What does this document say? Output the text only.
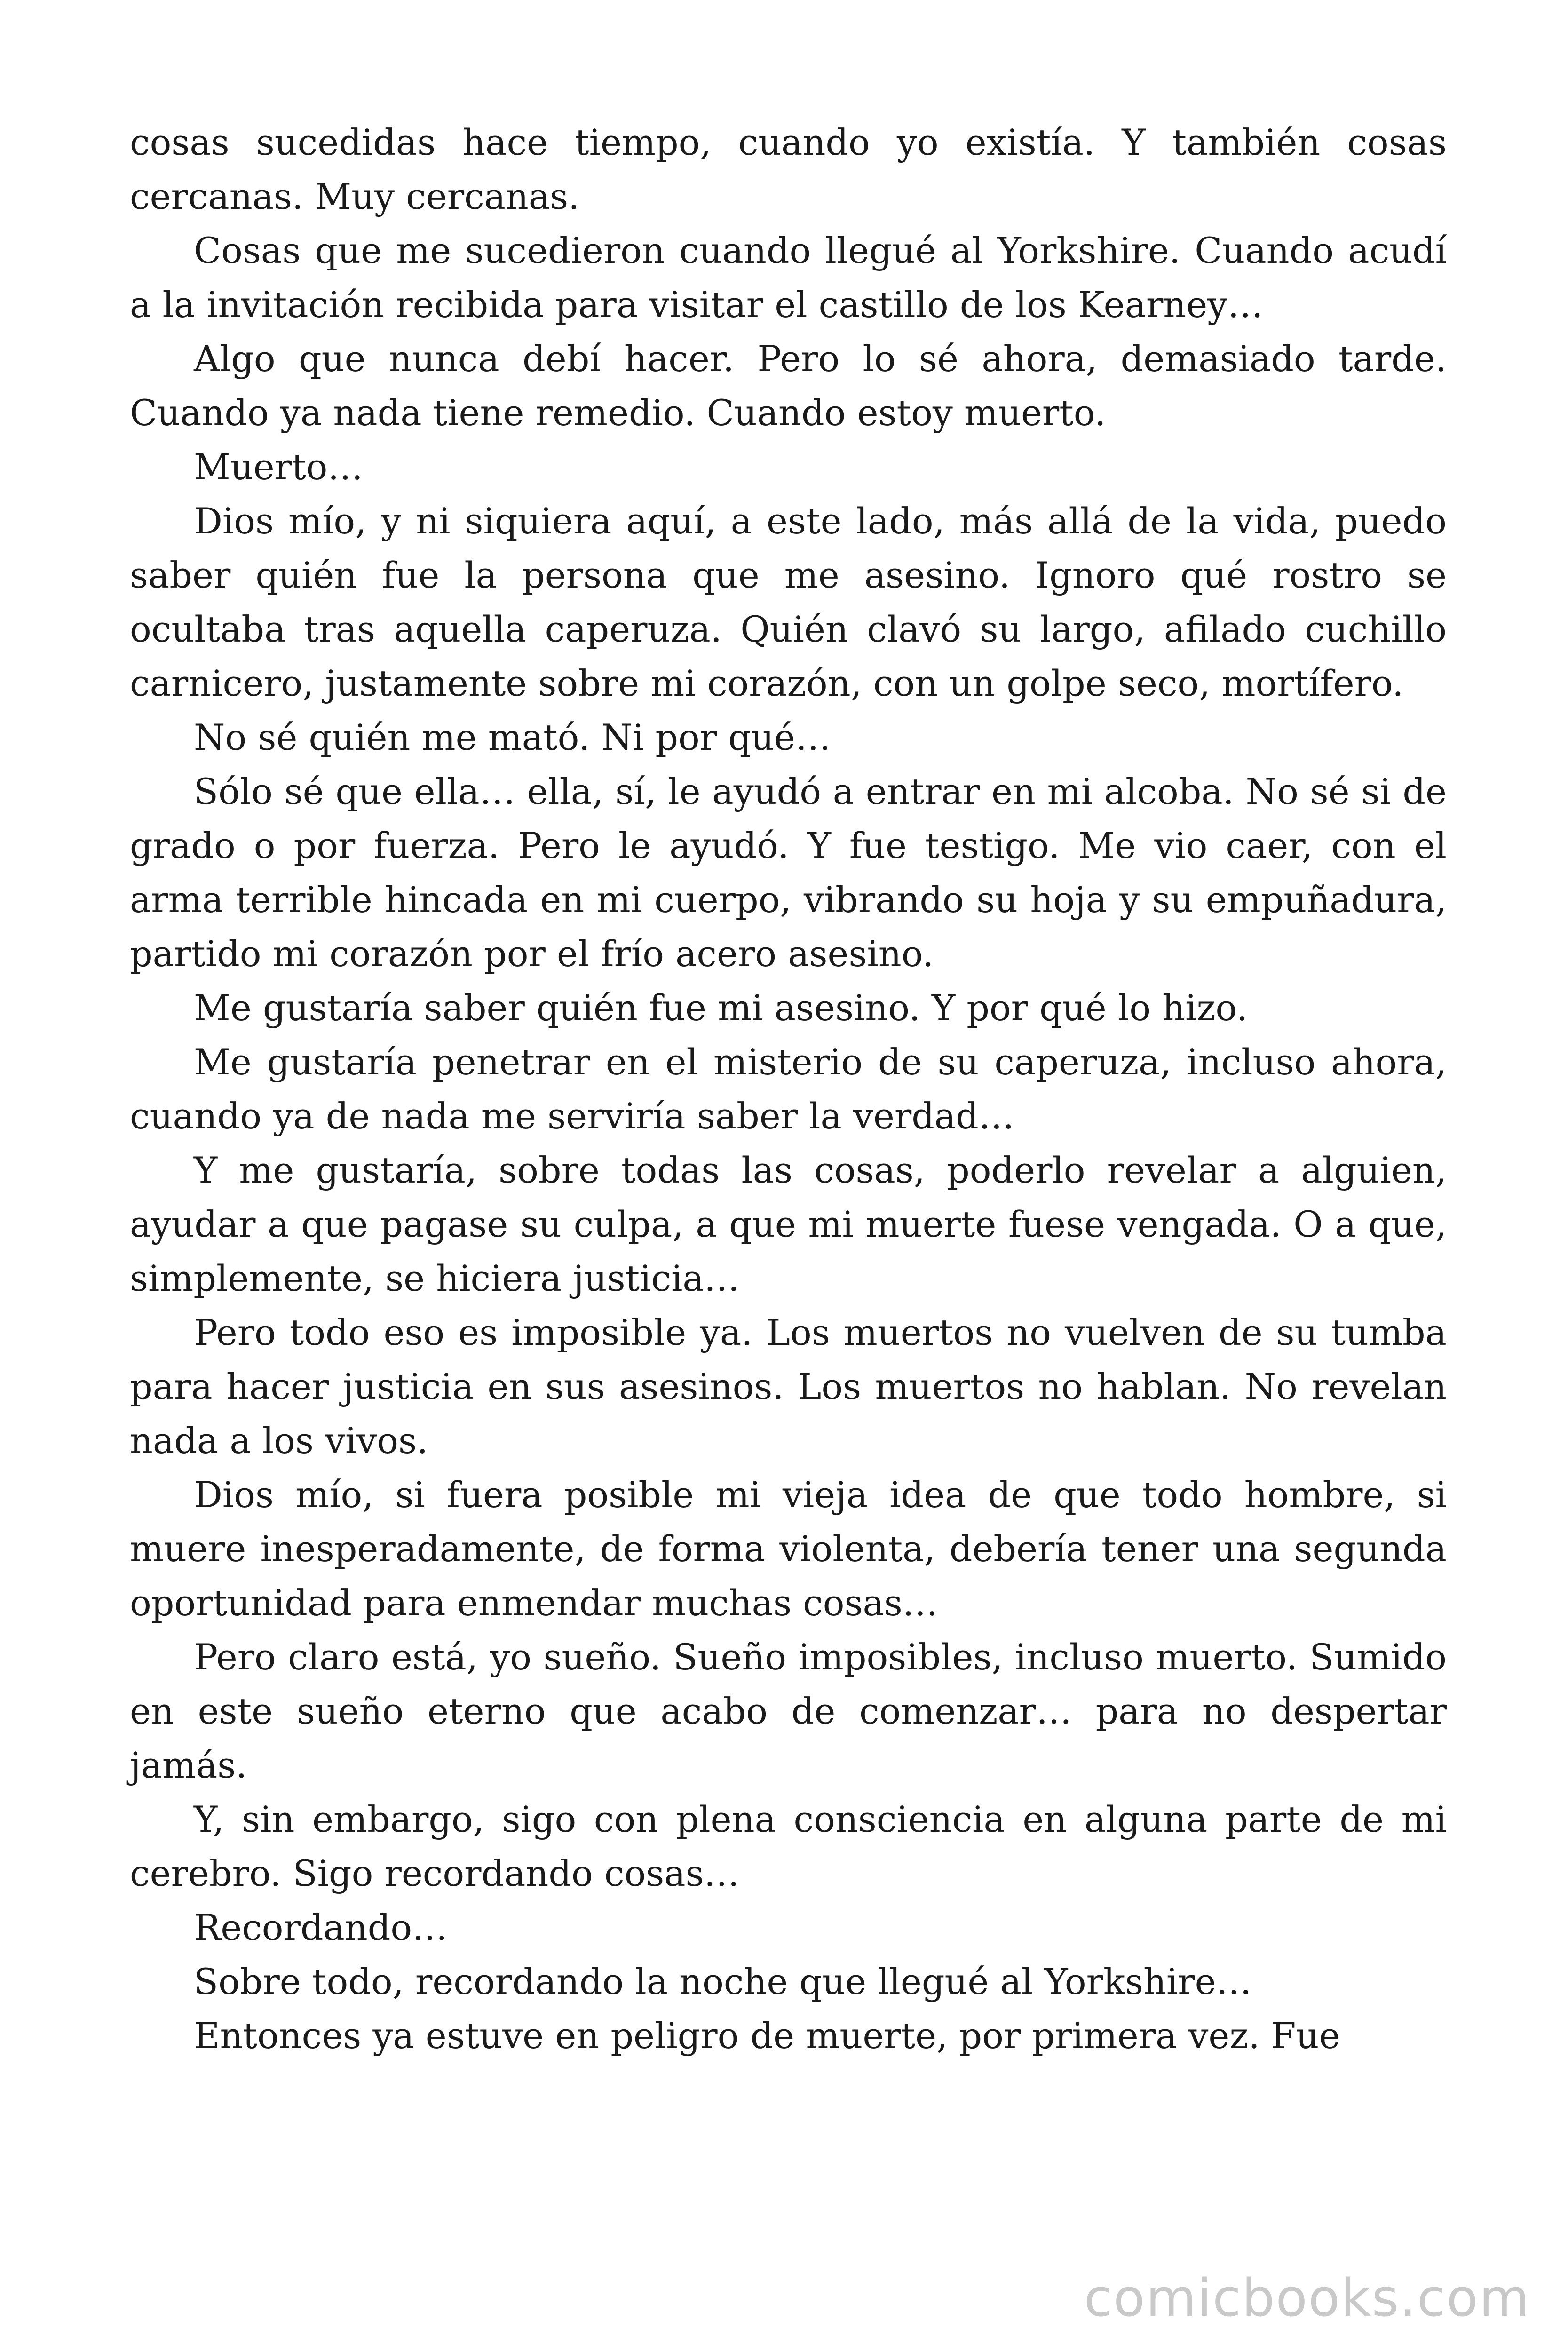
cosas sucedidas hace tiempo, cuando yo existía. Y también cosas cercanas. Muy cercanas.

Cosas que me sucedieron cuando llegué al Yorkshire. Cuando acudí a la invitación recibida para visitar el castillo de los Kearney…

Algo que nunca debí hacer. Pero lo sé ahora, demasiado tarde. Cuando ya nada tiene remedio. Cuando estoy muerto.

Muerto…

Dios mío, y ni siquiera aquí, a este lado, más allá de la vida, puedo saber quién fue la persona que me asesino. Ignoro qué rostro se ocultaba tras aquella caperuza. Quién clavó su largo, afilado cuchillo carnicero, justamente sobre mi corazón, con un golpe seco, mortífero.

No sé quién me mató. Ni por qué…

Sólo sé que ella… ella, sí, le ayudó a entrar en mi alcoba. No sé si de grado o por fuerza. Pero le ayudó. Y fue testigo. Me vio caer, con el arma terrible hincada en mi cuerpo, vibrando su hoja y su empuñadura, partido mi corazón por el frío acero asesino.

Me gustaría saber quién fue mi asesino. Y por qué lo hizo.

Me gustaría penetrar en el misterio de su caperuza, incluso ahora, cuando ya de nada me serviría saber la verdad…

Y me gustaría, sobre todas las cosas, poderlo revelar a alguien, ayudar a que pagase su culpa, a que mi muerte fuese vengada. O a que, simplemente, se hiciera justicia…

Pero todo eso es imposible ya. Los muertos no vuelven de su tumba para hacer justicia en sus asesinos. Los muertos no hablan. No revelan nada a los vivos.

Dios mío, si fuera posible mi vieja idea de que todo hombre, si muere inesperadamente, de forma violenta, debería tener una segunda oportunidad para enmendar muchas cosas…

Pero claro está, yo sueño. Sueño imposibles, incluso muerto. Sumido en este sueño eterno que acabo de comenzar… para no despertar jamás.

Y, sin embargo, sigo con plena consciencia en alguna parte de mi cerebro. Sigo recordando cosas…

Recordando…

Sobre todo, recordando la noche que llegué al Yorkshire…

Entonces ya estuve en peligro de muerte, por primera vez. Fue

comicbooks.com
